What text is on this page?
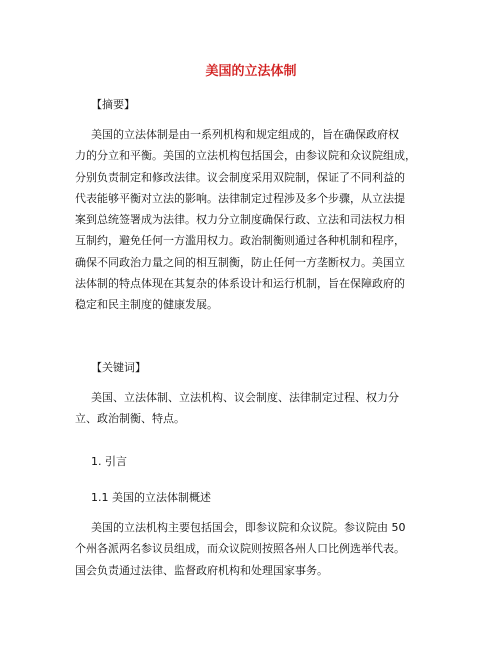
美国的立法体制
【摘要】
美国的立法体制是由一系列机构和规定组成的，旨在确保政府权
力的分立和平衡。美国的立法机构包括国会，由参议院和众议院组成，
分别负责制定和修改法律。议会制度采用双院制，保证了不同利益的
代表能够平衡对立法的影响。法律制定过程涉及多个步骤，从立法提
案到总统签署成为法律。权力分立制度确保行政、立法和司法权力相
互制约，避免任何一方滥用权力。政治制衡则通过各种机制和程序，
确保不同政治力量之间的相互制衡，防止任何一方垄断权力。美国立
法体制的特点体现在其复杂的体系设计和运行机制，旨在保障政府的
稳定和民主制度的健康发展。
【关键词】
美国、立法体制、立法机构、议会制度、法律制定过程、权力分
立、政治制衡、特点。
1. 引言
1.1 美国的立法体制概述
美国的立法机构主要包括国会，即参议院和众议院。参议院由 50
个州各派两名参议员组成，而众议院则按照各州人口比例选举代表。
国会负责通过法律、监督政府机构和处理国家事务。
